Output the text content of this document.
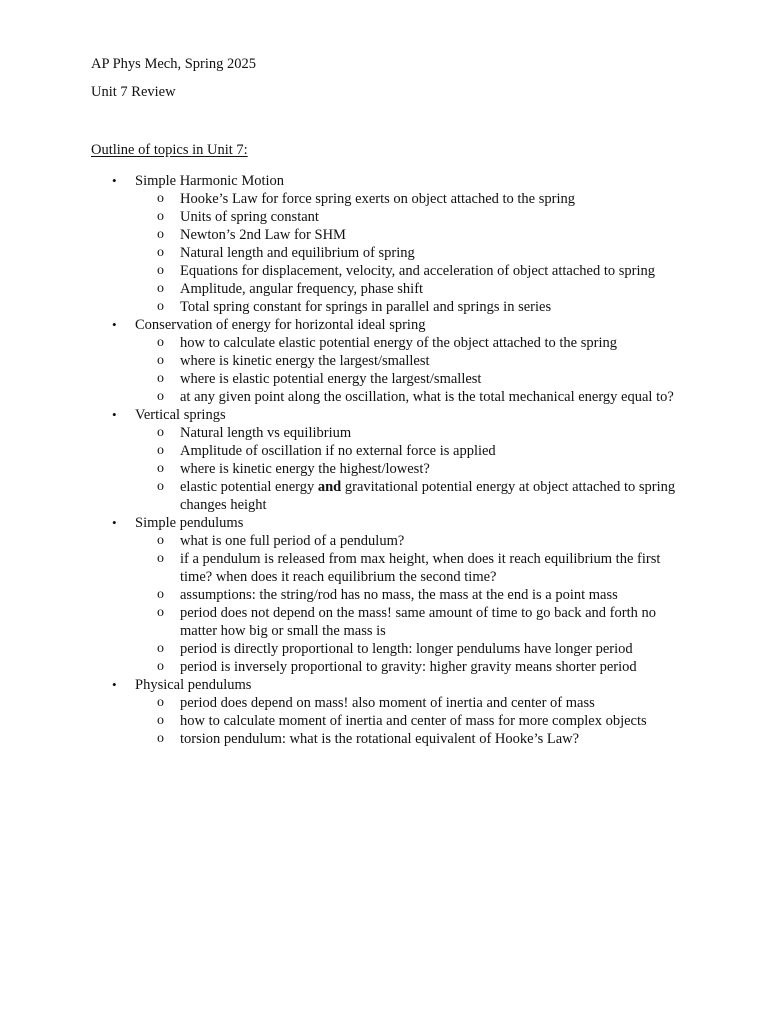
AP Phys Mech, Spring 2025
Unit 7 Review
Outline of topics in Unit 7:
• Simple Harmonic Motion
o Hooke’s Law for force spring exerts on object attached to the spring
o Units of spring constant
o Newton’s 2nd Law for SHM
o Natural length and equilibrium of spring
o Equations for displacement, velocity, and acceleration of object attached to spring
o Amplitude, angular frequency, phase shift
o Total spring constant for springs in parallel and springs in series
• Conservation of energy for horizontal ideal spring
o how to calculate elastic potential energy of the object attached to the spring
o where is kinetic energy the largest/smallest
o where is elastic potential energy the largest/smallest
o at any given point along the oscillation, what is the total mechanical energy equal to?
• Vertical springs
o Natural length vs equilibrium
o Amplitude of oscillation if no external force is applied
o where is kinetic energy the highest/lowest?
o elastic potential energy and gravitational potential energy at object attached to spring changes height
• Simple pendulums
o what is one full period of a pendulum?
o if a pendulum is released from max height, when does it reach equilibrium the first time? when does it reach equilibrium the second time?
o assumptions: the string/rod has no mass, the mass at the end is a point mass
o period does not depend on the mass! same amount of time to go back and forth no matter how big or small the mass is
o period is directly proportional to length: longer pendulums have longer period
o period is inversely proportional to gravity: higher gravity means shorter period
• Physical pendulums
o period does depend on mass! also moment of inertia and center of mass
o how to calculate moment of inertia and center of mass for more complex objects
o torsion pendulum: what is the rotational equivalent of Hooke’s Law?
